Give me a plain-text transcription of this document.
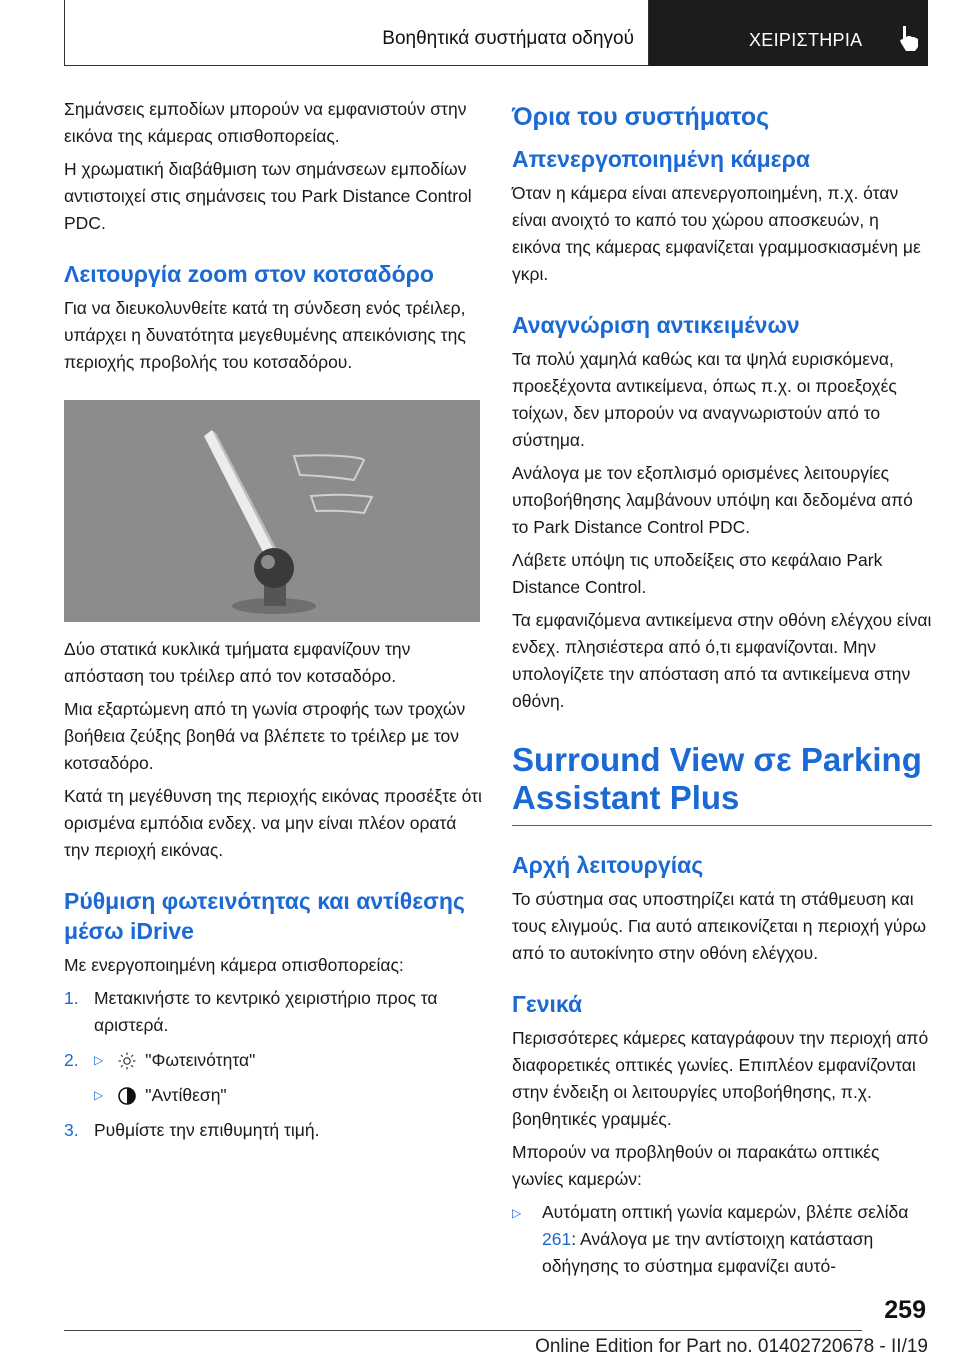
Βοηθητικά συστήματα οδηγού	ΧΕΙΡΙΣΤΗΡΙΑ

Σημάνσεις εμποδίων μπορούν να εμφανιστούν στην εικόνα της κάμερας οπισθοπορείας.

Η χρωματική διαβάθμιση των σημάνσεων εμποδίων αντιστοιχεί στις σημάνσεις του Park Distance Control PDC.

Λειτουργία zoom στον κοτσαδόρο

Για να διευκολυνθείτε κατά τη σύνδεση ενός τρέιλερ, υπάρχει η δυνατότητα μεγεθυμένης απεικόνισης της περιοχής προβολής του κοτσαδόρου.

Δύο στατικά κυκλικά τμήματα εμφανίζουν την απόσταση του τρέιλερ από τον κοτσαδόρο.

Μια εξαρτώμενη από τη γωνία στροφής των τροχών βοήθεια ζεύξης βοηθά να βλέπετε το τρέιλερ με τον κοτσαδόρο.

Κατά τη μεγέθυνση της περιοχής εικόνας προσέξτε ότι ορισμένα εμπόδια ενδεχ. να μην είναι πλέον ορατά την περιοχή εικόνας.

Ρύθμιση φωτεινότητας και αντίθεσης μέσω iDrive

Με ενεργοποιημένη κάμερα οπισθοπορείας:

1. Μετακινήστε το κεντρικό χειριστήριο προς τα αριστερά.
2. ▷ "Φωτεινότητα"
▷ "Αντίθεση"
3. Ρυθμίστε την επιθυμητή τιμή.
Όρια του συστήματος
Απενεργοποιημένη κάμερα

Όταν η κάμερα είναι απενεργοποιημένη, π.χ. όταν είναι ανοιχτό το καπό του χώρου αποσκευών, η εικόνα της κάμερας εμφανίζεται γραμμοσκιασμένη με γκρι.

Αναγνώριση αντικειμένων

Τα πολύ χαμηλά καθώς και τα ψηλά ευρισκόμενα, προεξέχοντα αντικείμενα, όπως π.χ. οι προεξοχές τοίχων, δεν μπορούν να αναγνωριστούν από το σύστημα.

Ανάλογα με τον εξοπλισμό ορισμένες λειτουργίες υποβοήθησης λαμβάνουν υπόψη και δεδομένα από το Park Distance Control PDC.

Λάβετε υπόψη τις υποδείξεις στο κεφάλαιο Park Distance Control.

Τα εμφανιζόμενα αντικείμενα στην οθόνη ελέγχου είναι ενδεχ. πλησιέστερα από ό,τι εμφανίζονται. Μην υπολογίζετε την απόσταση από τα αντικείμενα στην οθόνη.

Surround View σε Parking Assistant Plus
Αρχή λειτουργίας

Το σύστημα σας υποστηρίζει κατά τη στάθμευση και τους ελιγμούς. Για αυτό απεικονίζεται η περιοχή γύρω από το αυτοκίνητο στην οθόνη ελέγχου.

Γενικά

Περισσότερες κάμερες καταγράφουν την περιοχή από διαφορετικές οπτικές γωνίες. Επιπλέον εμφανίζονται στην ένδειξη οι λειτουργίες υποβοήθησης, π.χ. βοηθητικές γραμμές.

Μπορούν να προβληθούν οι παρακάτω οπτικές γωνίες καμερών:

▷ Αυτόματη οπτική γωνία καμερών, βλέπε σελίδα 261: Ανάλογα με την αντίστοιχη κατάσταση οδήγησης το σύστημα εμφανίζει αυτό-
259
Online Edition for Part no. 01402720678 - II/19
